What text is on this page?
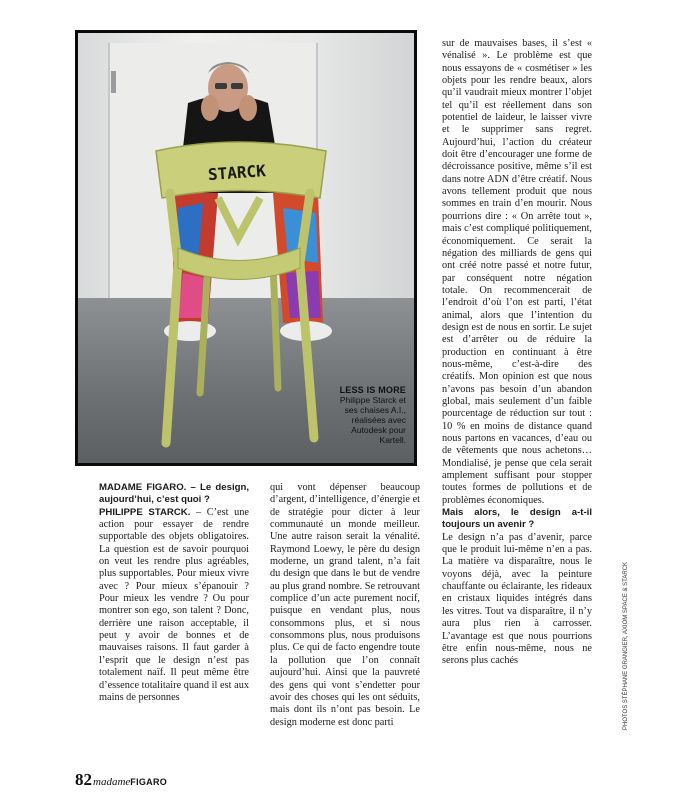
STARCK
LESS IS MORE
Philippe Starck et ses chaises A.I., réalisées avec Autodesk pour Kartell.

MADAME FIGARO. – Le design, aujourd’hui, c’est quoi ?

PHILIPPE STARCK. – C’est une action pour essayer de rendre supportable des objets obligatoires. La question est de savoir pourquoi on veut les rendre plus agréables, plus supportables. Pour mieux vivre avec ? Pour mieux s’épanouir ? Pour mieux les vendre ? Ou pour montrer son ego, son talent ? Donc, derrière une raison acceptable, il peut y avoir de bonnes et de mauvaises raisons. Il faut garder à l’esprit que le design n’est pas totalement naïf. Il peut même être d’essence totalitaire quand il est aux mains de personnes

qui vont dépenser beaucoup d’argent, d’intelligence, d’énergie et de stratégie pour dicter à leur communauté un monde meilleur. Une autre raison serait la vénalité. Raymond Loewy, le père du design moderne, un grand talent, n’a fait du design que dans le but de vendre au plus grand nombre. Se retrouvant complice d’un acte purement nocif, puisque en vendant plus, nous consommons plus, et si nous consommons plus, nous produisons plus. Ce qui de facto engendre toute la pollution que l’on connaît aujourd’hui. Ainsi que la pauvreté des gens qui vont s’endetter pour avoir des choses qui les ont séduits, mais dont ils n’ont pas besoin. Le design moderne est donc parti

sur de mauvaises bases, il s’est « vénalisé ». Le problème est que nous essayons de « cosmétiser » les objets pour les rendre beaux, alors qu’il vaudrait mieux montrer l’objet tel qu’il est réellement dans son potentiel de laideur, le laisser vivre et le supprimer sans regret. Aujourd’hui, l’action du créateur doit être d’encourager une forme de décroissance positive, même s’il est dans notre ADN d’être créatif. Nous avons tellement produit que nous sommes en train d’en mourir. Nous pourrions dire : « On arrête tout », mais c’est compliqué politiquement, économiquement. Ce serait la négation des milliards de gens qui ont créé notre passé et notre futur, par conséquent notre négation totale. On recommencerait de l’endroit d’où l’on est parti, l’état animal, alors que l’intention du design est de nous en sortir. Le sujet est d’arrêter ou de réduire la production en continuant à être nous-même, c’est-à-dire des créatifs. Mon opinion est que nous n’avons pas besoin d’un abandon global, mais seulement d’un faible pourcentage de réduction sur tout : 10 % en moins de distance quand nous partons en vacances, d’eau ou de vêtements que nous achetons… Mondialisé, je pense que cela serait amplement suffisant pour stopper toutes formes de pollutions et de problèmes économiques.

Mais alors, le design a-t-il toujours un avenir ?

Le design n’a pas d’avenir, parce que le produit lui-même n’en a pas. La matière va disparaître, nous le voyons déjà, avec la peinture chauffante ou éclairante, les rideaux en cristaux liquides intégrés dans les vitres. Tout va disparaître, il n’y aura plus rien à carrosser. L’avantage est que nous pourrions être enfin nous-même, nous ne serons plus cachés	PHOTOS STÉPHANE GRANGIER, AXIOM SPACE & STARCK
82madameFIGARO
